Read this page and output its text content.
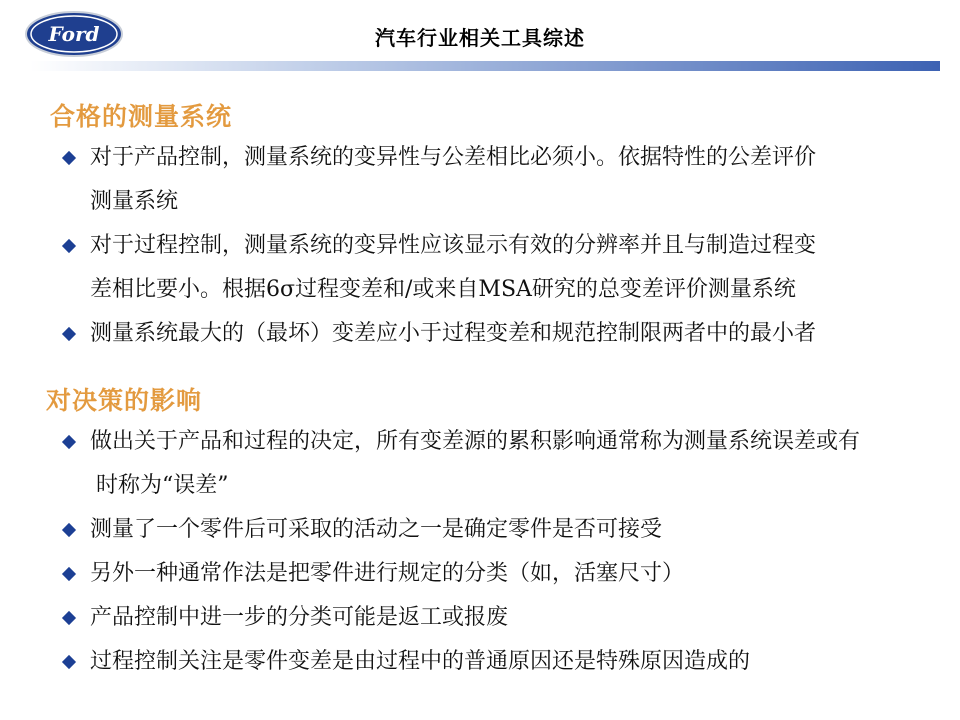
Ford	汽车行业相关工具综述
合格的测量系统
对于产品控制，测量系统的变异性与公差相比必须小。依据特性的公差评价
测量系统
对于过程控制，测量系统的变异性应该显示有效的分辨率并且与制造过程变
差相比要小。根据6σ过程变差和/或来自MSA研究的总变差评价测量系统
测量系统最大的（最坏）变差应小于过程变差和规范控制限两者中的最小者
对决策的影响
做出关于产品和过程的决定，所有变差源的累积影响通常称为测量系统误差或有
时称为“误差”
测量了一个零件后可采取的活动之一是确定零件是否可接受
另外一种通常作法是把零件进行规定的分类（如，活塞尺寸）
产品控制中进一步的分类可能是返工或报废
过程控制关注是零件变差是由过程中的普通原因还是特殊原因造成的
